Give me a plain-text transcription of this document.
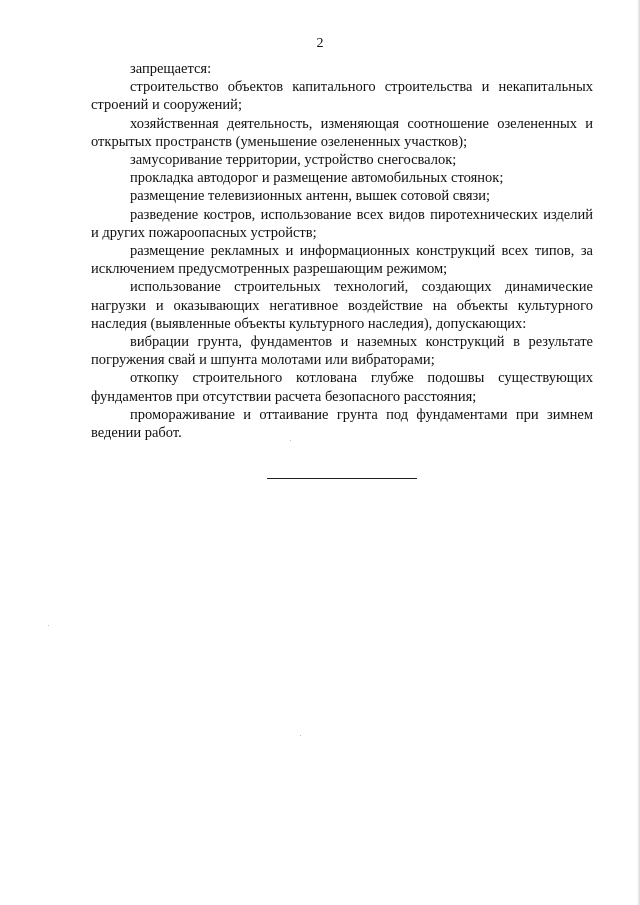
2

запрещается:

строительство объектов капитального строительства и некапитальных строений и сооружений;

хозяйственная деятельность, изменяющая соотношение озелененных и открытых пространств (уменьшение озелененных участков);

замусоривание территории, устройство снегосвалок;

прокладка автодорог и размещение автомобильных стоянок;

размещение телевизионных антенн, вышек сотовой связи;

разведение костров, использование всех видов пиротехнических изделий и других пожароопасных устройств;

размещение рекламных и информационных конструкций всех типов, за исключением предусмотренных разрешающим режимом;

использование строительных технологий, создающих динамические нагрузки и оказывающих негативное воздействие на объекты культурного наследия (выявленные объекты культурного наследия), допускающих:

вибрации грунта, фундаментов и наземных конструкций в результате погружения свай и шпунта молотами или вибраторами;

откопку строительного котлована глубже подошвы существующих фундаментов при отсутствии расчета безопасного расстояния;

промораживание и оттаивание грунта под фундаментами при зимнем ведении работ.
